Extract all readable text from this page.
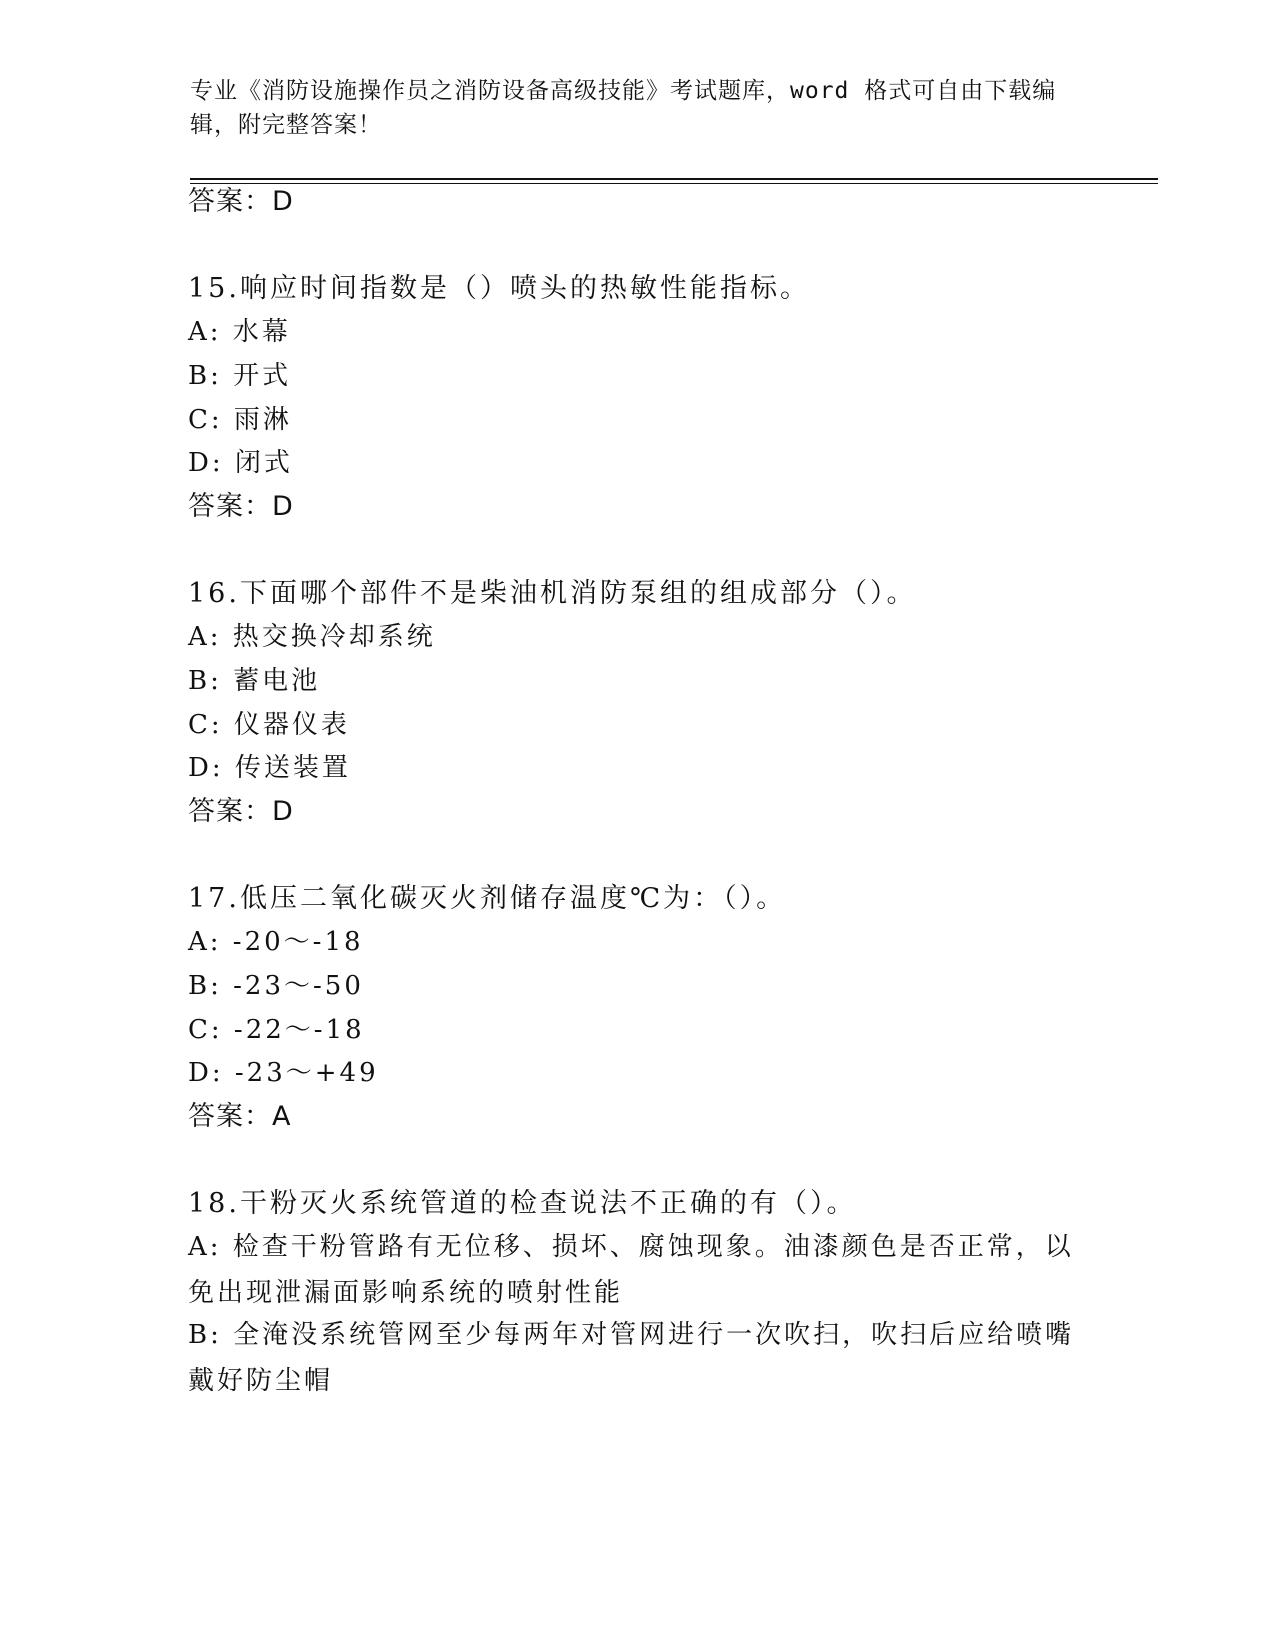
专业《消防设施操作员之消防设备高级技能》考试题库，word 格式可自由下载编
辑，附完整答案！
答案：D
15.响应时间指数是（）喷头的热敏性能指标。
A: 水幕
B: 开式
C: 雨淋
D: 闭式
答案：D
16.下面哪个部件不是柴油机消防泵组的组成部分（）。
A: 热交换冷却系统
B: 蓄电池
C: 仪器仪表
D: 传送装置
答案：D
17.低压二氧化碳灭火剂储存温度℃为：（）。
A: -20～-18
B: -23～-50
C: -22～-18
D: -23～+49
答案：A
18.干粉灭火系统管道的检查说法不正确的有（）。
A: 检查干粉管路有无位移、损坏、腐蚀现象。油漆颜色是否正常，以免出现泄漏面影响系统的喷射性能
B: 全淹没系统管网至少每两年对管网进行一次吹扫，吹扫后应给喷嘴戴好防尘帽
